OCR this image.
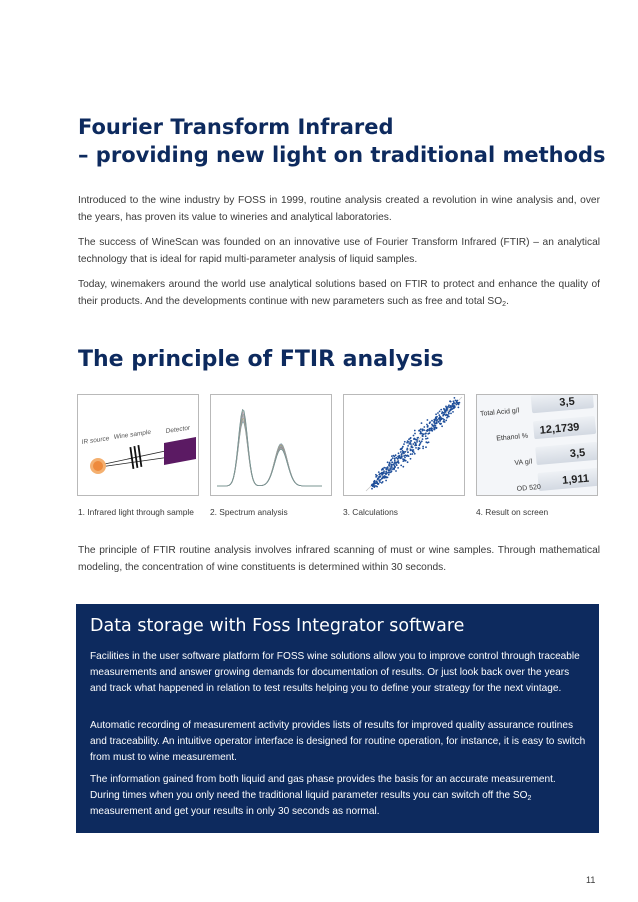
Fourier Transform Infrared
– providing new light on traditional methods

Introduced to the wine industry by FOSS in 1999, routine analysis created a revolution in wine analysis and, over the years, has proven its value to wineries and analytical laboratories.

The success of WineScan was founded on an innovative use of Fourier Transform Infrared (FTIR) – an analytical technology that is ideal for rapid multi-parameter analysis of liquid samples.

Today, winemakers around the world use analytical solutions based on FTIR to protect and enhance the quality of their products. And the developments continue with new parameters such as free and total $SO_2$.

The principle of FTIR analysis
IR source Wine sample Detector
Total Acid g/l
3,5
Ethanol %
12,1739
VA g/l
3,5
OD 520
1,911
1. Infrared light through sample 2. Spectrum analysis	3. Calculations	4. Result on screen

The principle of FTIR routine analysis involves infrared scanning of must or wine samples. Through mathematical modeling, the concentration of wine constituents is determined within 30 seconds.

Data storage with Foss Integrator software

Facilities in the user software platform for FOSS wine solutions allow you to improve control through traceable measurements and answer growing demands for documentation of results. Or just look back over the years and track what happened in relation to test results helping you to define your strategy for the next vintage.

Automatic recording of measurement activity provides lists of results for improved quality assurance routines and traceability. An intuitive operator interface is designed for routine operation, for instance, it is easy to switch from must to wine measurement.

The information gained from both liquid and gas phase provides the basis for an accurate measurement. During times when you only need the traditional liquid parameter results you can switch off the $SO_2$ measurement and get your results in only 30 seconds as normal.

11
